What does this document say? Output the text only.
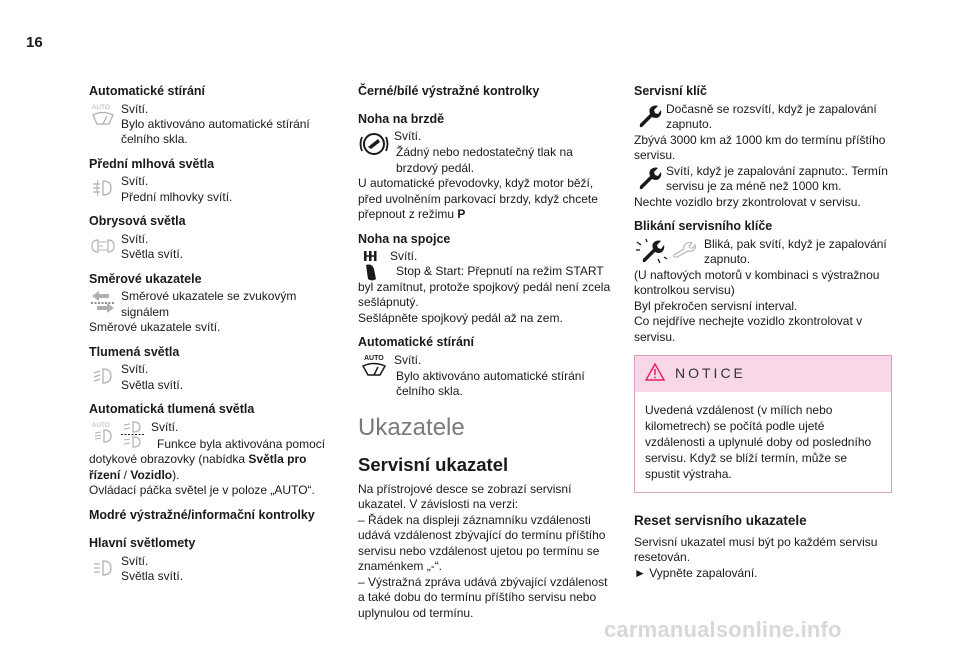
16
Automatické stírání
AUTO Svítí.
Bylo aktivováno automatické stírání čelního skla.
Přední mlhová světla
Svítí.
Přední mlhovky svítí.
Obrysová světla
Svítí.
Světla svítí.
Směrové ukazatele
Směrové ukazatele se zvukovým signálem
Směrové ukazatele svítí.
Tlumená světla
Svítí.
Světla svítí.
Automatická tlumená světla
AUTO	Svítí.
Funkce byla aktivována pomocí dotykové obrazovky (nabídka Světla pro řízení / Vozidlo).
Ovládací páčka světel je v poloze „AUTO“.
Modré výstražné/informační kontrolky
Hlavní světlomety
Svítí.
Světla svítí.
Černé/bílé výstražné kontrolky
Noha na brzdě
Svítí.
Žádný nebo nedostatečný tlak na brzdový pedál.
U automatické převodovky, když motor běží, před uvolněním parkovací brzdy, když chcete přepnout z režimu P
Noha na spojce
Svítí.
Stop & Start: Přepnutí na režim START byl zamítnut, protože spojkový pedál není zcela sešlápnutý.
Sešlápněte spojkový pedál až na zem.
Automatické stírání
AUTO Svítí.
Bylo aktivováno automatické stírání čelního skla.
Ukazatele
Servisní ukazatel
Na přístrojové desce se zobrazí servisní ukazatel. V závislosti na verzi:
– Řádek na displeji záznamníku vzdálenosti udává vzdálenost zbývající do termínu příštího servisu nebo vzdálenost ujetou po termínu se znaménkem „-“.
– Výstražná zpráva udává zbývající vzdálenost a také dobu do termínu příštího servisu nebo uplynulou od termínu.
Servisní klíč
Dočasně se rozsvítí, když je zapalování zapnuto.
Zbývá 3000 km až 1000 km do termínu příštího servisu.
Svítí, když je zapalování zapnuto:. Termín servisu je za méně než 1000 km.
Nechte vozidlo brzy zkontrolovat v servisu.
Blikání servisního klíče
Bliká, pak svítí, když je zapalování zapnuto.
(U naftových motorů v kombinaci s výstražnou kontrolkou servisu)
Byl překročen servisní interval.
Co nejdříve nechejte vozidlo zkontrolovat v servisu.
NOTICE
Uvedená vzdálenost (v mílích nebo kilometrech) se počítá podle ujeté vzdálenosti a uplynulé doby od posledního servisu. Když se blíží termín, může se spustit výstraha.
Reset servisního ukazatele
Servisní ukazatel musí být po každém servisu resetován.
► Vypněte zapalování.
carmanualsonline.info
